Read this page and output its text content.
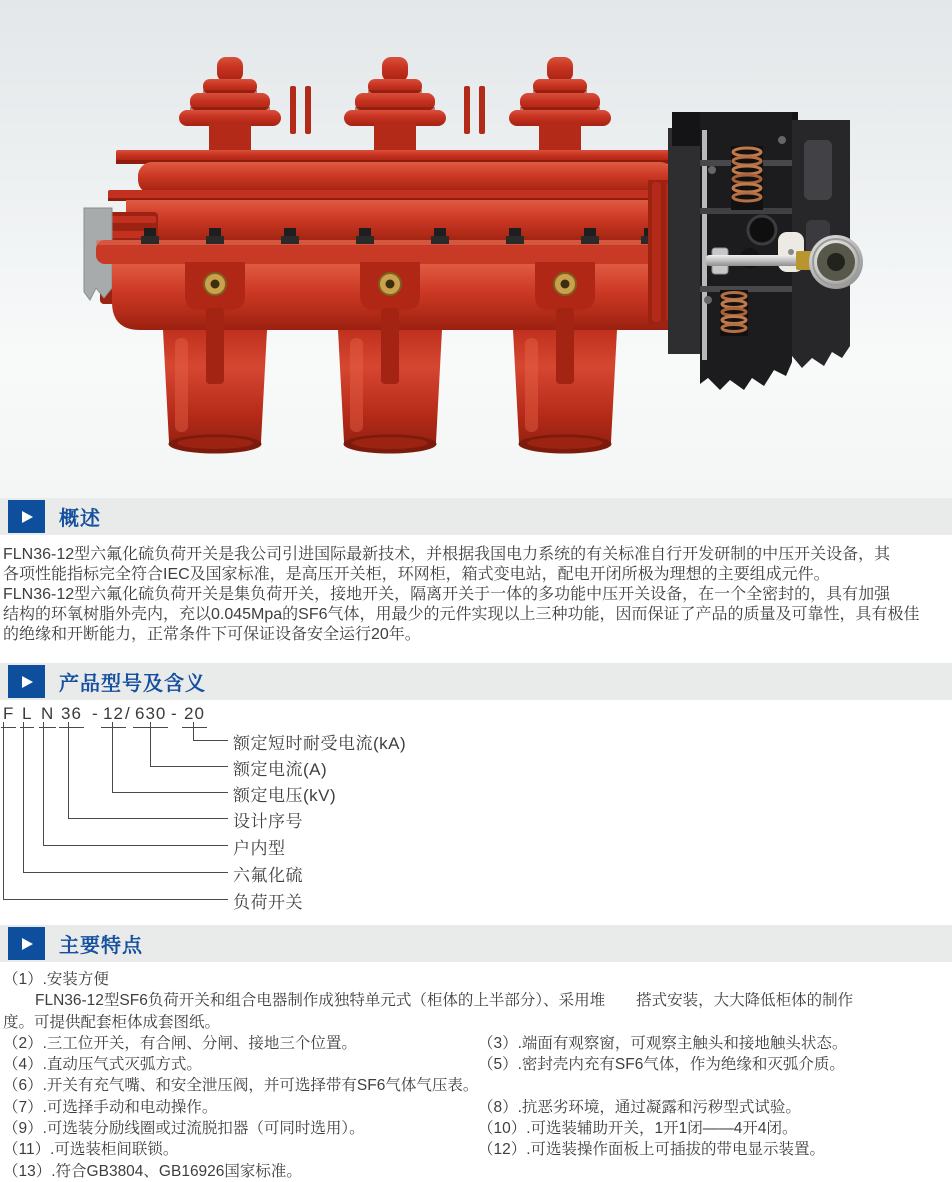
概述
FLN36-12型六氟化硫负荷开关是我公司引进国际最新技术，并根据我国电力系统的有关标准自行开发研制的中压开关设备，其
各项性能指标完全符合IEC及国家标准，是高压开关柜，环网柜，箱式变电站，配电开闭所极为理想的主要组成元件。
FLN36-12型六氟化硫负荷开关是集负荷开关，接地开关，隔离开关于一体的多功能中压开关设备，在一个全密封的，具有加强
结构的环氧树脂外壳内，充以0.045Mpa的SF6气体，用最少的元件实现以上三种功能，因而保证了产品的质量及可靠性，具有极佳
的绝缘和开断能力，正常条件下可保证设备安全运行20年。
产品型号及含义
F L N 36 - 12 / 630 - 20
额定短时耐受电流(kA)
额定电流(A)
额定电压(kV)
设计序号
户内型
六氟化硫
负荷开关
主要特点
（1）.安装方便
FLN36-12型SF6负荷开关和组合电器制作成独特单元式（柜体的上半部分）、采用堆　　搭式安装，大大降低柜体的制作
度。可提供配套柜体成套图纸。
（2）.三工位开关，有合闸、分闸、接地三个位置。	（3）.端面有观察窗，可观察主触头和接地触头状态。
（4）.直动压气式灭弧方式。	（5）.密封壳内充有SF6气体，作为绝缘和灭弧介质。
（6）.开关有充气嘴、和安全泄压阀，并可选择带有SF6气体气压表。
（7）.可选择手动和电动操作。	（8）.抗恶劣环境，通过凝露和污秽型式试验。
（9）.可选装分励线圈或过流脱扣器（可同时选用）。	（10）.可选装辅助开关，1开1闭——4开4闭。
（11）.可选装柜间联锁。	（12）.可选装操作面板上可插拔的带电显示装置。
（13）.符合GB3804、GB16926国家标准。
